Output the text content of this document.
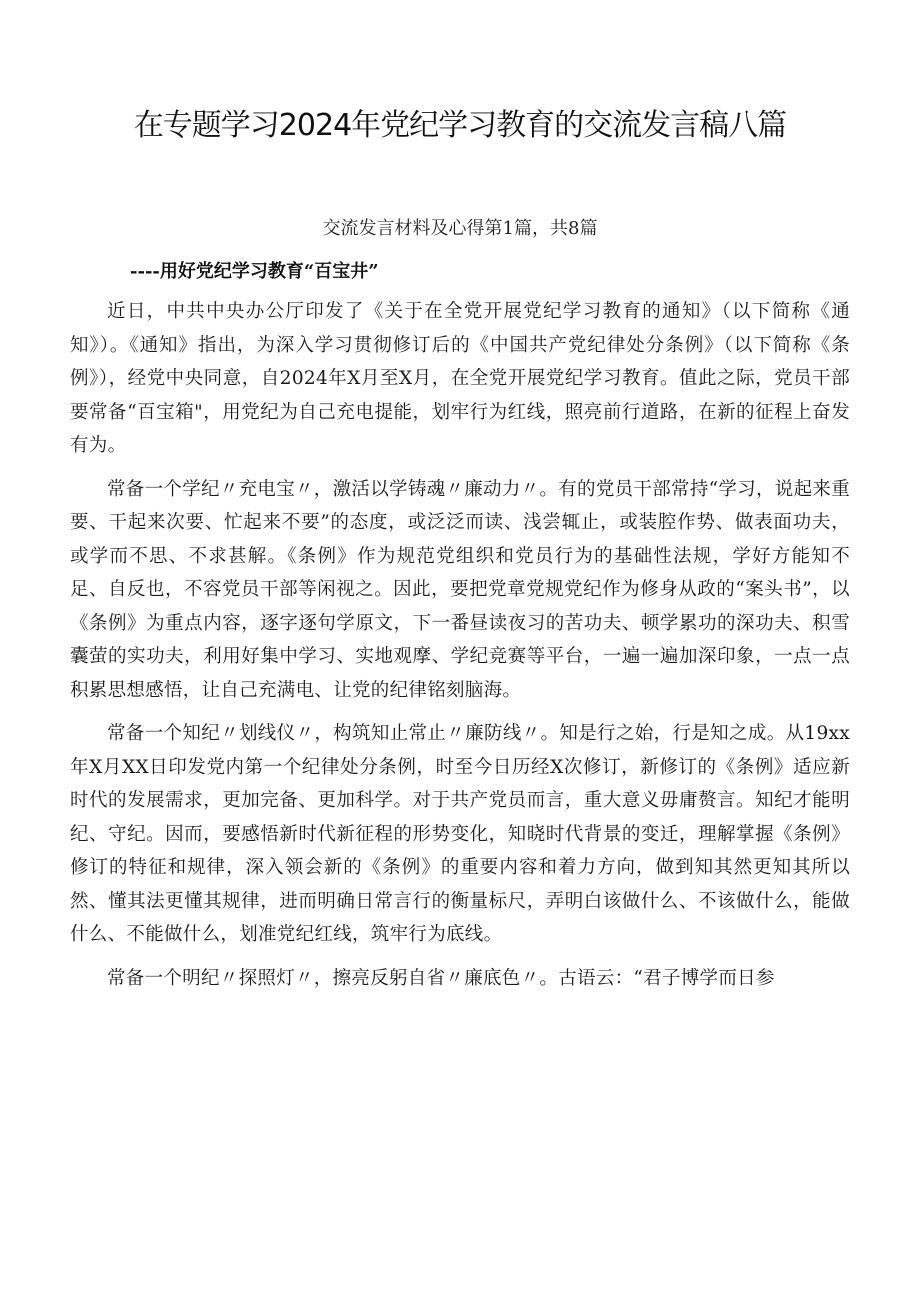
在专题学习2024年党纪学习教育的交流发言稿八篇
交流发言材料及心得第1篇，共8篇
----用好党纪学习教育“百宝井”

近日，中共中央办公厅印发了《关于在全党开展党纪学习教育的通知》（以下简称《通知》）。《通知》指出，为深入学习贯彻修订后的《中国共产党纪律处分条例》（以下简称《条例》），经党中央同意，自2024年X月至X月，在全党开展党纪学习教育。值此之际，党员干部要常备“百宝箱"，用党纪为自己充电提能，划牢行为红线，照亮前行道路，在新的征程上奋发有为。

常备一个学纪〃充电宝〃，激活以学铸魂〃廉动力〃。有的党员干部常持“学习，说起来重要、干起来次要、忙起来不要”的态度，或泛泛而读、浅尝辄止，或装腔作势、做表面功夫，或学而不思、不求甚解。《条例》作为规范党组织和党员行为的基础性法规，学好方能知不足、自反也，不容党员干部等闲视之。因此，要把党章党规党纪作为修身从政的“案头书”，以《条例》为重点内容，逐字逐句学原文，下一番昼读夜习的苦功夫、顿学累功的深功夫、积雪囊萤的实功夫，利用好集中学习、实地观摩、学纪竞赛等平台，一遍一遍加深印象，一点一点积累思想感悟，让自己充满电、让党的纪律铭刻脑海。

常备一个知纪〃划线仪〃，构筑知止常止〃廉防线〃。知是行之始，行是知之成。从19xx年X月XX日印发党内第一个纪律处分条例，时至今日历经X次修订，新修订的《条例》适应新时代的发展需求，更加完备、更加科学。对于共产党员而言，重大意义毋庸赘言。知纪才能明纪、守纪。因而，要感悟新时代新征程的形势变化，知晓时代背景的变迁，理解掌握《条例》修订的特征和规律，深入领会新的《条例》的重要内容和着力方向，做到知其然更知其所以然、懂其法更懂其规律，进而明确日常言行的衡量标尺，弄明白该做什么、不该做什么，能做什么、不能做什么，划准党纪红线，筑牢行为底线。

常备一个明纪〃探照灯〃，擦亮反躬自省〃廉底色〃。古语云：“君子博学而日参
